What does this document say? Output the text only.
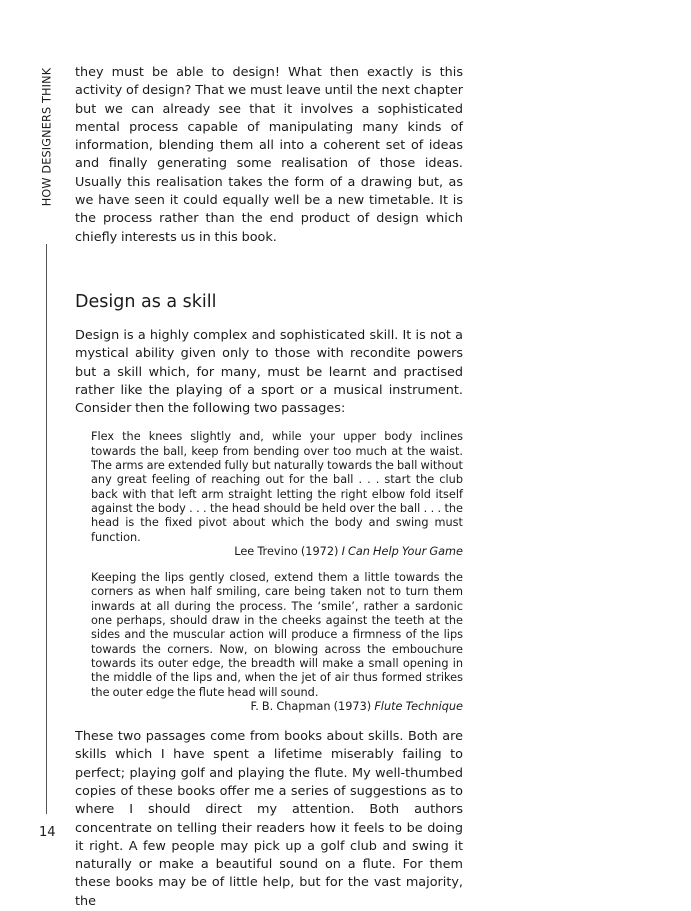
HOW DESIGNERS THINK
14

they must be able to design! What then exactly is this activity of design? That we must leave until the next chapter but we can already see that it involves a sophisticated mental process capable of manipulating many kinds of information, blending them all into a coherent set of ideas and finally generating some realisation of those ideas. Usually this realisation takes the form of a drawing but, as we have seen it could equally well be a new timetable. It is the process rather than the end product of design which chiefly interests us in this book.

Design as a skill

Design is a highly complex and sophisticated skill. It is not a mystical ability given only to those with recondite powers but a skill which, for many, must be learnt and practised rather like the playing of a sport or a musical instrument. Consider then the following two passages:

Flex the knees slightly and, while your upper body inclines towards the ball, keep from bending over too much at the waist. The arms are extended fully but naturally towards the ball without any great feeling of reaching out for the ball . . . start the club back with that left arm straight letting the right elbow fold itself against the body . . . the head should be held over the ball . . . the head is the fixed pivot about which the body and swing must function.

Lee Trevino (1972) I Can Help Your Game

Keeping the lips gently closed, extend them a little towards the corners as when half smiling, care being taken not to turn them inwards at all during the process. The ‘smile’, rather a sardonic one perhaps, should draw in the cheeks against the teeth at the sides and the muscular action will produce a firmness of the lips towards the corners. Now, on blowing across the embouchure towards its outer edge, the breadth will make a small opening in the middle of the lips and, when the jet of air thus formed strikes the outer edge the flute head will sound.

F. B. Chapman (1973) Flute Technique

These two passages come from books about skills. Both are skills which I have spent a lifetime miserably failing to perfect; playing golf and playing the flute. My well-thumbed copies of these books offer me a series of suggestions as to where I should direct my attention. Both authors concentrate on telling their readers how it feels to be doing it right. A few people may pick up a golf club and swing it naturally or make a beautiful sound on a flute. For them these books may be of little help, but for the vast majority, the
